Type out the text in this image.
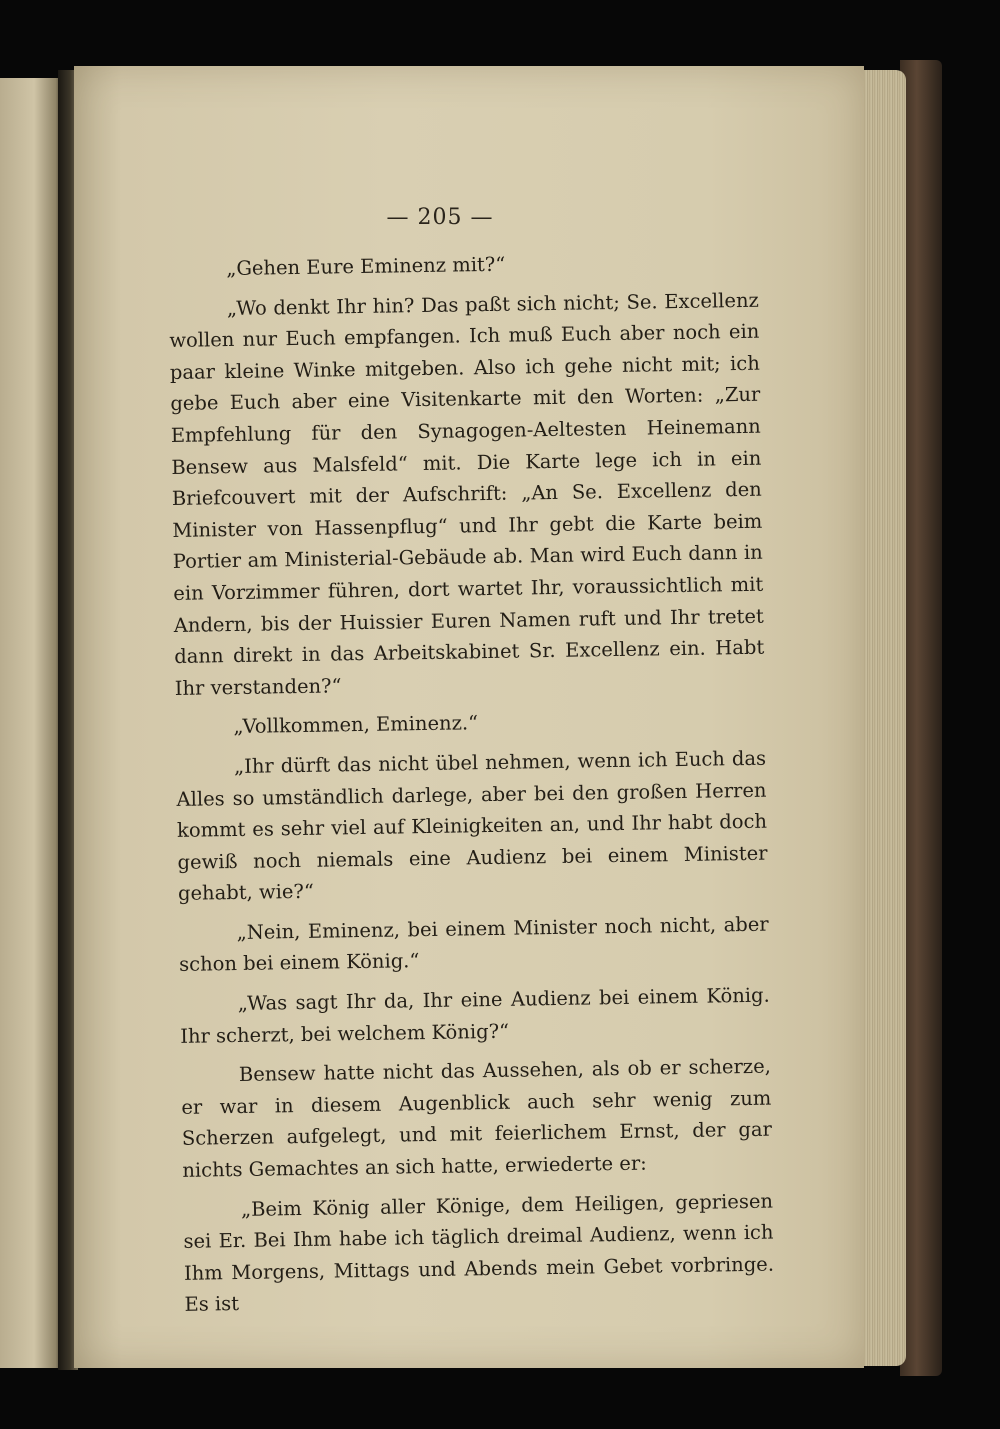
— 205 —

„Gehen Eure Eminenz mit?“

„Wo denkt Ihr hin? Das paßt sich nicht; Se. Excellenz wollen nur Euch empfangen. Ich muß Euch aber noch ein paar kleine Winke mitgeben. Also ich gehe nicht mit; ich gebe Euch aber eine Visitenkarte mit den Worten: „Zur Empfehlung für den Synagogen-Aeltesten Heinemann Bensew aus Malsfeld“ mit. Die Karte lege ich in ein Briefcouvert mit der Aufschrift: „An Se. Excellenz den Minister von Hassenpflug“ und Ihr gebt die Karte beim Portier am Ministerial-Gebäude ab. Man wird Euch dann in ein Vorzimmer führen, dort wartet Ihr, voraussichtlich mit Andern, bis der Huissier Euren Namen ruft und Ihr tretet dann direkt in das Arbeitskabinet Sr. Excellenz ein. Habt Ihr verstanden?“

„Vollkommen, Eminenz.“

„Ihr dürft das nicht übel nehmen, wenn ich Euch das Alles so umständlich darlege, aber bei den großen Herren kommt es sehr viel auf Kleinigkeiten an, und Ihr habt doch gewiß noch niemals eine Audienz bei einem Minister gehabt, wie?“

„Nein, Eminenz, bei einem Minister noch nicht, aber schon bei einem König.“

„Was sagt Ihr da, Ihr eine Audienz bei einem König. Ihr scherzt, bei welchem König?“

Bensew hatte nicht das Aussehen, als ob er scherze, er war in diesem Augenblick auch sehr wenig zum Scherzen aufgelegt, und mit feierlichem Ernst, der gar nichts Gemachtes an sich hatte, erwiederte er:

„Beim König aller Könige, dem Heiligen, gepriesen sei Er. Bei Ihm habe ich täglich dreimal Audienz, wenn ich Ihm Morgens, Mittags und Abends mein Gebet vorbringe. Es ist
